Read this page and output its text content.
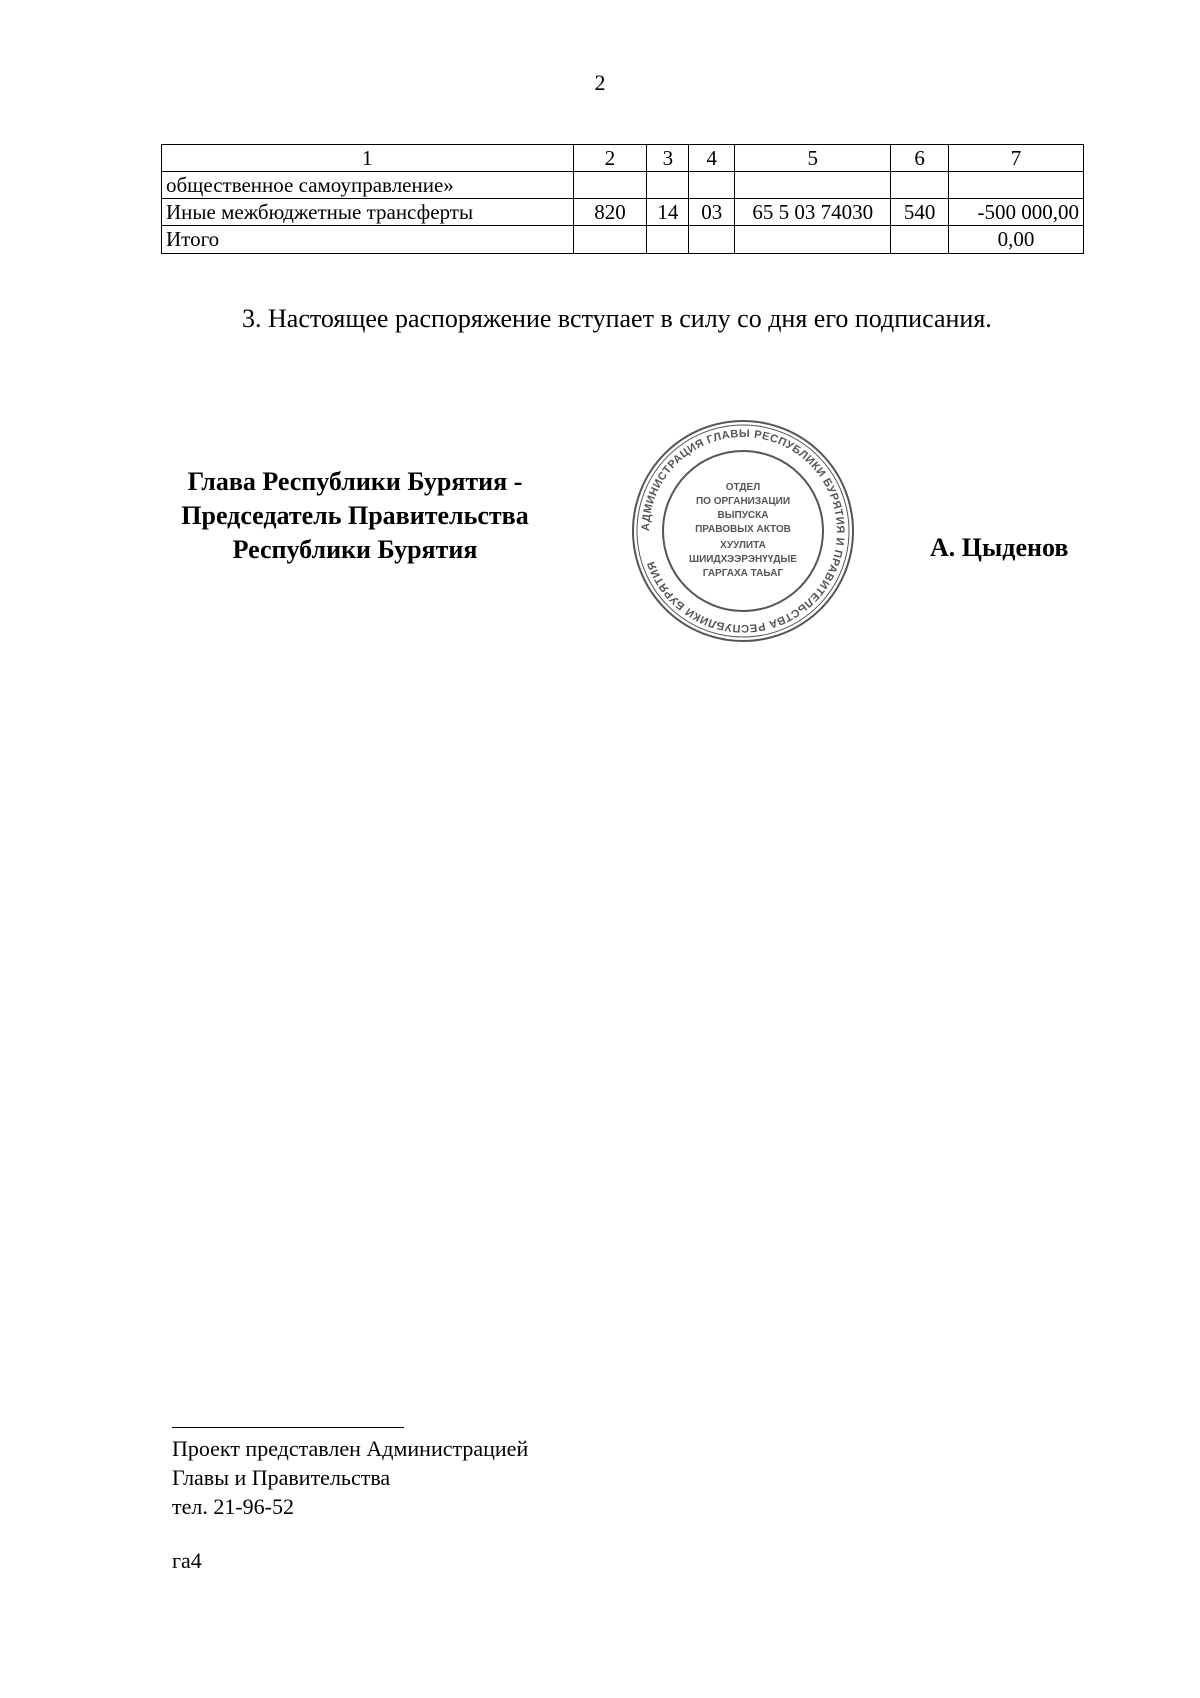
2
1	2	3	4	5	6	7
общественное самоуправление»						
Иные межбюджетные трансферты	820	14	03	65 5 03 74030	540	-500 000,00
Итого						0,00
3. Настоящее распоряжение вступает в силу со дня его подписания.
Глава Республики Бурятия -
Председатель Правительства
Республики Бурятия
АДМИНИСТРАЦИЯ ГЛАВЫ РЕСПУБЛИКИ БУРЯТИЯ И ПРАВИТЕЛЬСТВА РЕСПУБЛИКИ БУРЯТИЯ
ОТДЕЛ
ПО ОРГАНИЗАЦИИ
ВЫПУСКА
ПРАВОВЫХ АКТОВ
ХУУЛИТА
ШИИДХЭЭРЭНҮҮДЫЕ
ГАРГАХА ТАЬАГ
А. Цыденов
Проект представлен Администрацией
Главы и Правительства
тел. 21-96-52
га4
